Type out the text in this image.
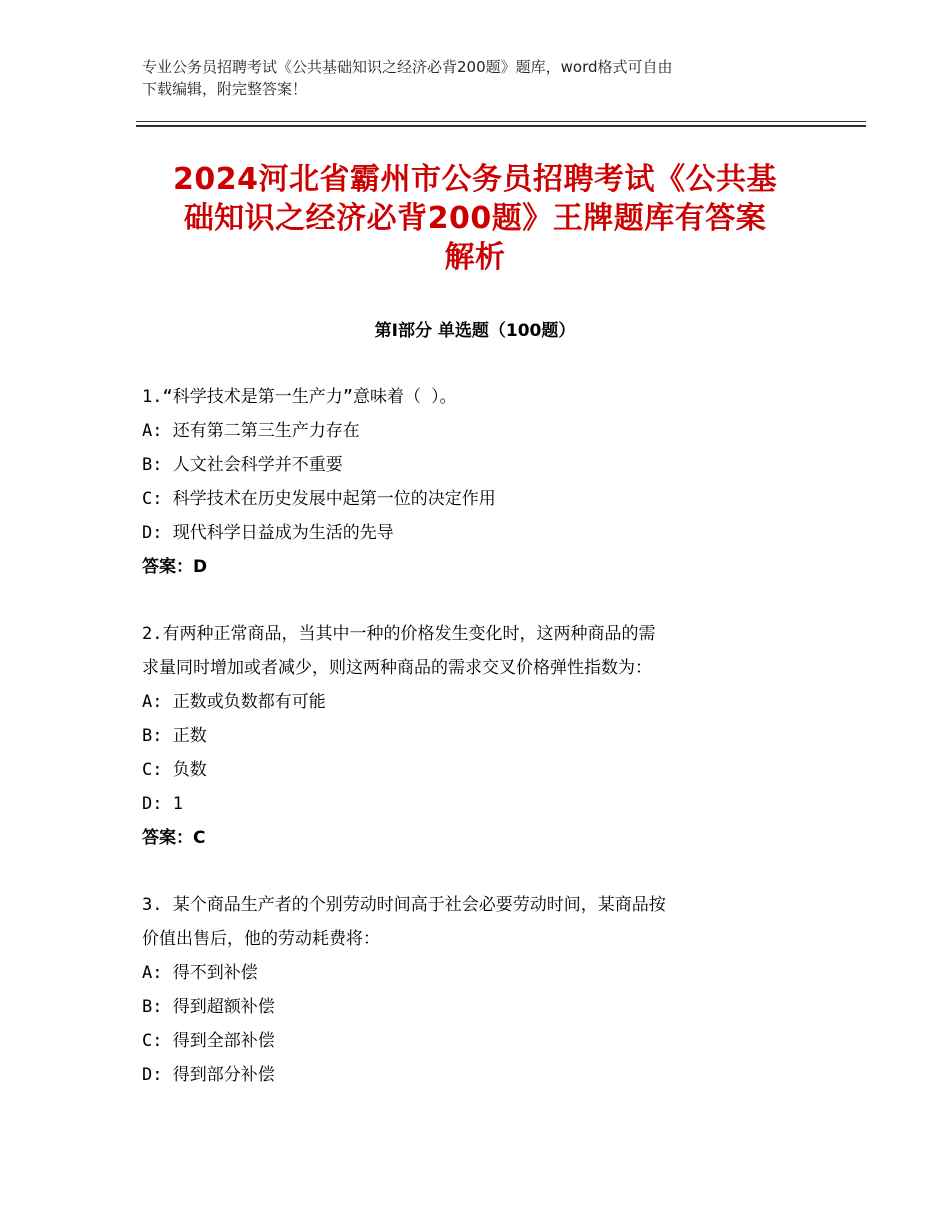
专业公务员招聘考试《公共基础知识之经济必背200题》题库，word格式可自由
下载编辑，附完整答案！
2024河北省霸州市公务员招聘考试《公共基
础知识之经济必背200题》王牌题库有答案
解析
第Ⅰ部分 单选题（100题）
1.“科学技术是第一生产力”意味着（ ）。
A: 还有第二第三生产力存在
B: 人文社会科学并不重要
C: 科学技术在历史发展中起第一位的决定作用
D: 现代科学日益成为生活的先导
答案：D
2.有两种正常商品，当其中一种的价格发生变化时，这两种商品的需
求量同时增加或者减少，则这两种商品的需求交叉价格弹性指数为：
A: 正数或负数都有可能
B: 正数
C: 负数
D: 1
答案：C
3. 某个商品生产者的个别劳动时间高于社会必要劳动时间，某商品按
价值出售后，他的劳动耗费将：
A: 得不到补偿
B: 得到超额补偿
C: 得到全部补偿
D: 得到部分补偿
